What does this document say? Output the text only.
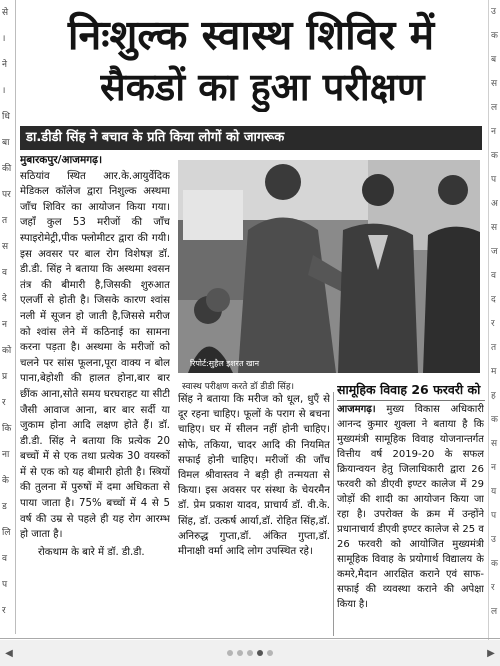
से
।
ने
।
धि
बा
की
पर
त
स
व
दे
न
को
प्र
र
कि
ना
के
ड
लि
व
प
र
उ
क
ब
स
ल
न
क
प
अ
स
ज
व
द
र
त
म
ह
क
स
न
य
प
उ
क
र
ल
निःशुल्क स्वास्थ शिविर में
सैकडों का हुआ परीक्षण
डा.डीडी सिंह ने बचाव के प्रति किया लोगों को जागरूक
मुबारकपुर/आजमगढ़।
सठियांव स्थित आर.के.आयुर्वेदिक मेडिकल कॉलेज द्वारा निशुल्क अस्थमा जाँच शिविर का आयोजन किया गया। जहाँ कुल 53 मरीजों की जाँच स्पाइरोमेट्री,पीक फ्लोमीटर द्वारा की गयी। इस अवसर पर बाल रोग विशेषज्ञ डॉ. डी.डी. सिंह ने बताया कि अस्थमा श्वसन तंत्र की बीमारी है,जिसकी शुरुआत एलर्जी से होती है। जिसके कारण श्वांस नली में सूजन हो जाती है,जिससे मरीज को श्वांस लेने में कठिनाई का सामना करना पड़ता है। अस्थमा के मरीजों को चलने पर सांस फूलना,पूरा वाक्य न बोल पाना,बेहोशी की हालत होना,बार बार छींक आना,सोते समय घरघराहट या सीटी जैसी आवाज आना, बार बार सर्दी या जुकाम होना आदि लक्षण होते हैं। डॉ. डी.डी. सिंह ने बताया कि प्रत्येक 20 बच्चों में से एक तथा प्रत्येक 30 वयस्कों में से एक को यह बीमारी होती है। स्त्रियों की तुलना में पुरुषों में दमा अधिकता से पाया जाता है। 75% बच्चों में 4 से 5 वर्ष की उम्र से पहले ही यह रोग आरम्भ हो जाता है।
रोकथाम के बारे में डॉ. डी.डी.
रिपोर्ट:सुहैल इशरत खान
स्वास्थ परीक्षण करते डॉ डीडी सिंह।
सिंह ने बताया कि मरीज को धूल, धुएँ से दूर रहना चाहिए। फूलों के पराग से बचना चाहिए। घर में सीलन नहीं होनी चाहिए। सोफे, तकिया, चादर आदि की नियमित सफाई होनी चाहिए। मरीजों की जाँच विमल श्रीवास्तव ने बड़ी ही तन्मयता से किया। इस अवसर पर संस्था के चेयरमैन डॉ. प्रेम प्रकाश यादव, प्राचार्य डॉ. वी.के. सिंह, डॉ. उत्कर्ष आर्या,डॉ. रोहित सिंह,डॉ. अनिरुद्ध गुप्ता,डॉ. अंकित गुप्ता,डॉ. मीनाक्षी वर्मा आदि लोग उपस्थित रहे।
सामूहिक विवाह 26 फरवरी को
आजमगढ़। मुख्य विकास अधिकारी आनन्द कुमार शुक्ला ने बताया है कि मुख्यमंत्री सामूहिक विवाह योजनान्तर्गत वित्तीय वर्ष 2019-20 के सफल क्रियान्वयन हेतु जिलाधिकारी द्वारा 26 फरवरी को डीएवी इण्टर कालेज में 29 जोड़ों की शादी का आयोजन किया जा रहा है। उपरोक्त के क्रम में उन्होंने प्रधानाचार्य डीएवी इण्टर कालेज से 25 व 26 फरवरी को आयोजित मुख्यमंत्री सामूहिक विवाह के प्रयोगार्थ विद्यालय के कमरे,मैदान आरक्षित कराने एवं साफ-सफाई की व्यवस्था कराने की अपेक्षा किया है।
◀	▶
